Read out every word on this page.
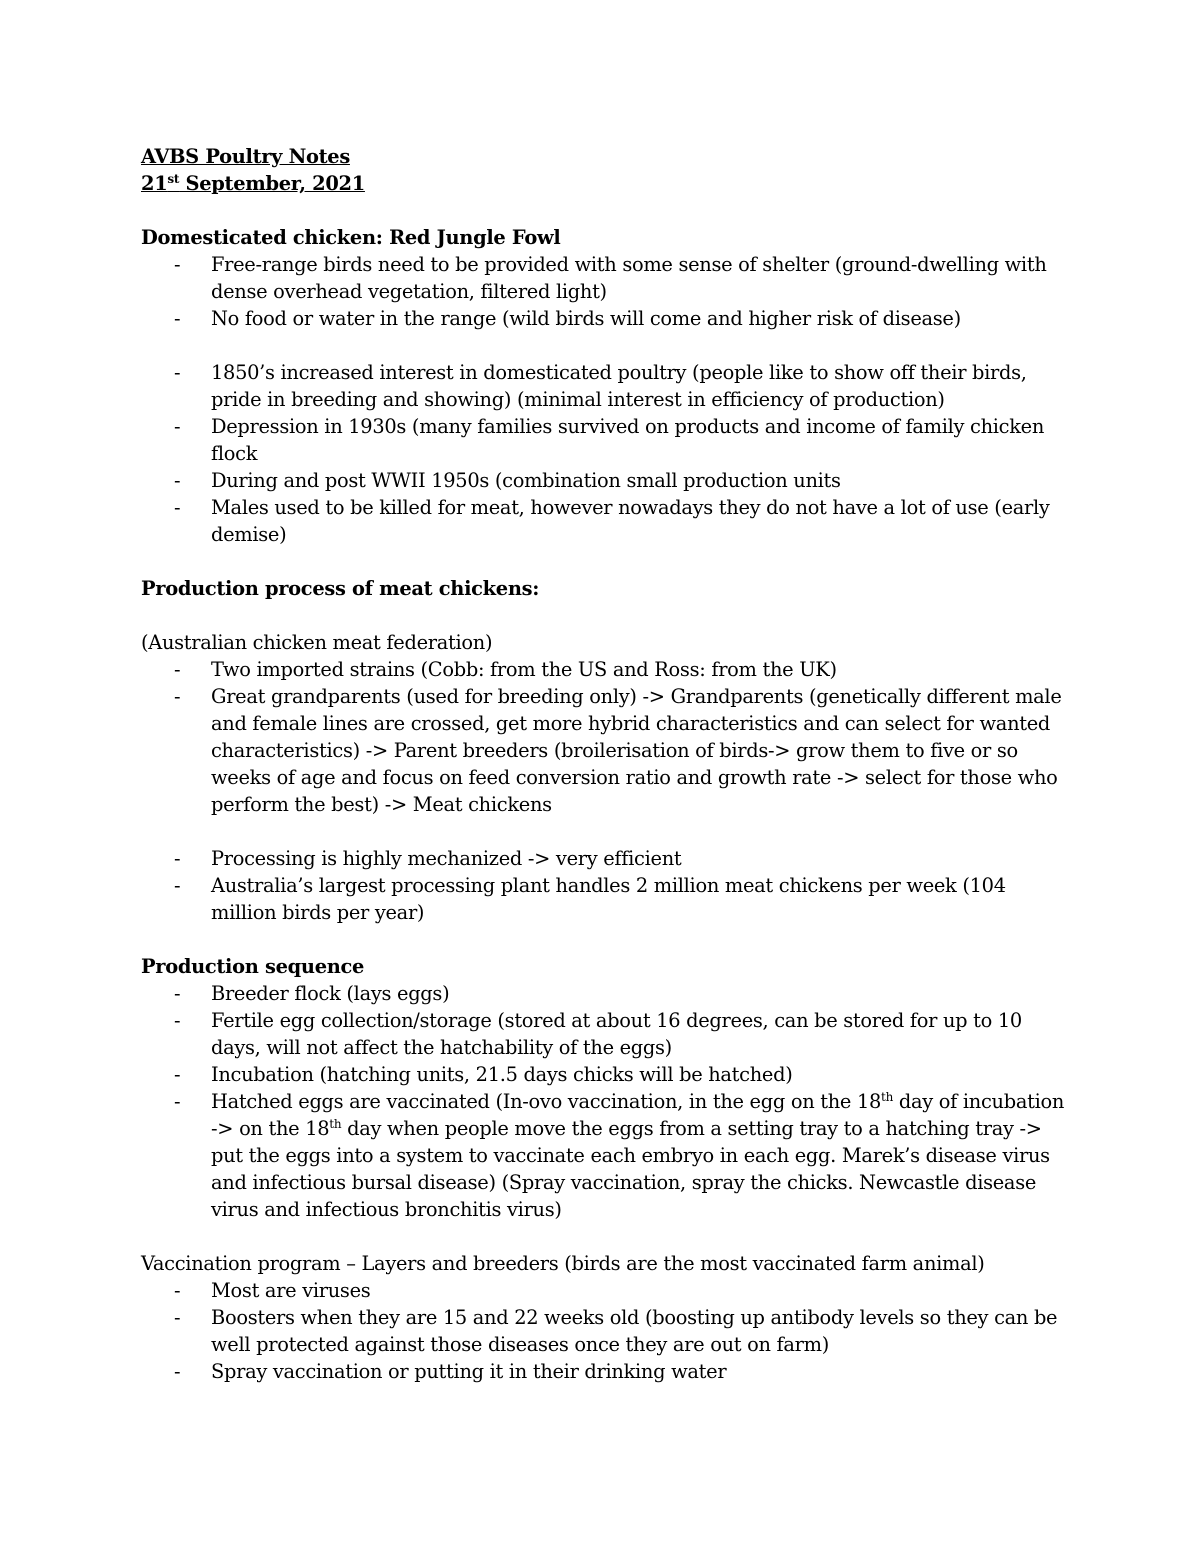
AVBS Poultry Notes
21st September, 2021
Domesticated chicken: Red Jungle Fowl
- Free-range birds need to be provided with some sense of shelter (ground-dwelling with dense overhead vegetation, filtered light)
- No food or water in the range (wild birds will come and higher risk of disease)
- 1850’s increased interest in domesticated poultry (people like to show off their birds, pride in breeding and showing) (minimal interest in efficiency of production)
- Depression in 1930s (many families survived on products and income of family chicken flock
- During and post WWII 1950s (combination small production units
- Males used to be killed for meat, however nowadays they do not have a lot of use (early demise)
Production process of meat chickens:
(Australian chicken meat federation)
- Two imported strains (Cobb: from the US and Ross: from the UK)
- Great grandparents (used for breeding only) -> Grandparents (genetically different male and female lines are crossed, get more hybrid characteristics and can select for wanted characteristics) -> Parent breeders (broilerisation of birds-> grow them to five or so weeks of age and focus on feed conversion ratio and growth rate -> select for those who perform the best) -> Meat chickens
- Processing is highly mechanized -> very efficient
- Australia’s largest processing plant handles 2 million meat chickens per week (104 million birds per year)
Production sequence
- Breeder flock (lays eggs)
- Fertile egg collection/storage (stored at about 16 degrees, can be stored for up to 10 days, will not affect the hatchability of the eggs)
- Incubation (hatching units, 21.5 days chicks will be hatched)
- Hatched eggs are vaccinated (In-ovo vaccination, in the egg on the 18th day of incubation -> on the 18th day when people move the eggs from a setting tray to a hatching tray -> put the eggs into a system to vaccinate each embryo in each egg. Marek’s disease virus and infectious bursal disease) (Spray vaccination, spray the chicks. Newcastle disease virus and infectious bronchitis virus)
Vaccination program – Layers and breeders (birds are the most vaccinated farm animal)
- Most are viruses
- Boosters when they are 15 and 22 weeks old (boosting up antibody levels so they can be well protected against those diseases once they are out on farm)
- Spray vaccination or putting it in their drinking water
